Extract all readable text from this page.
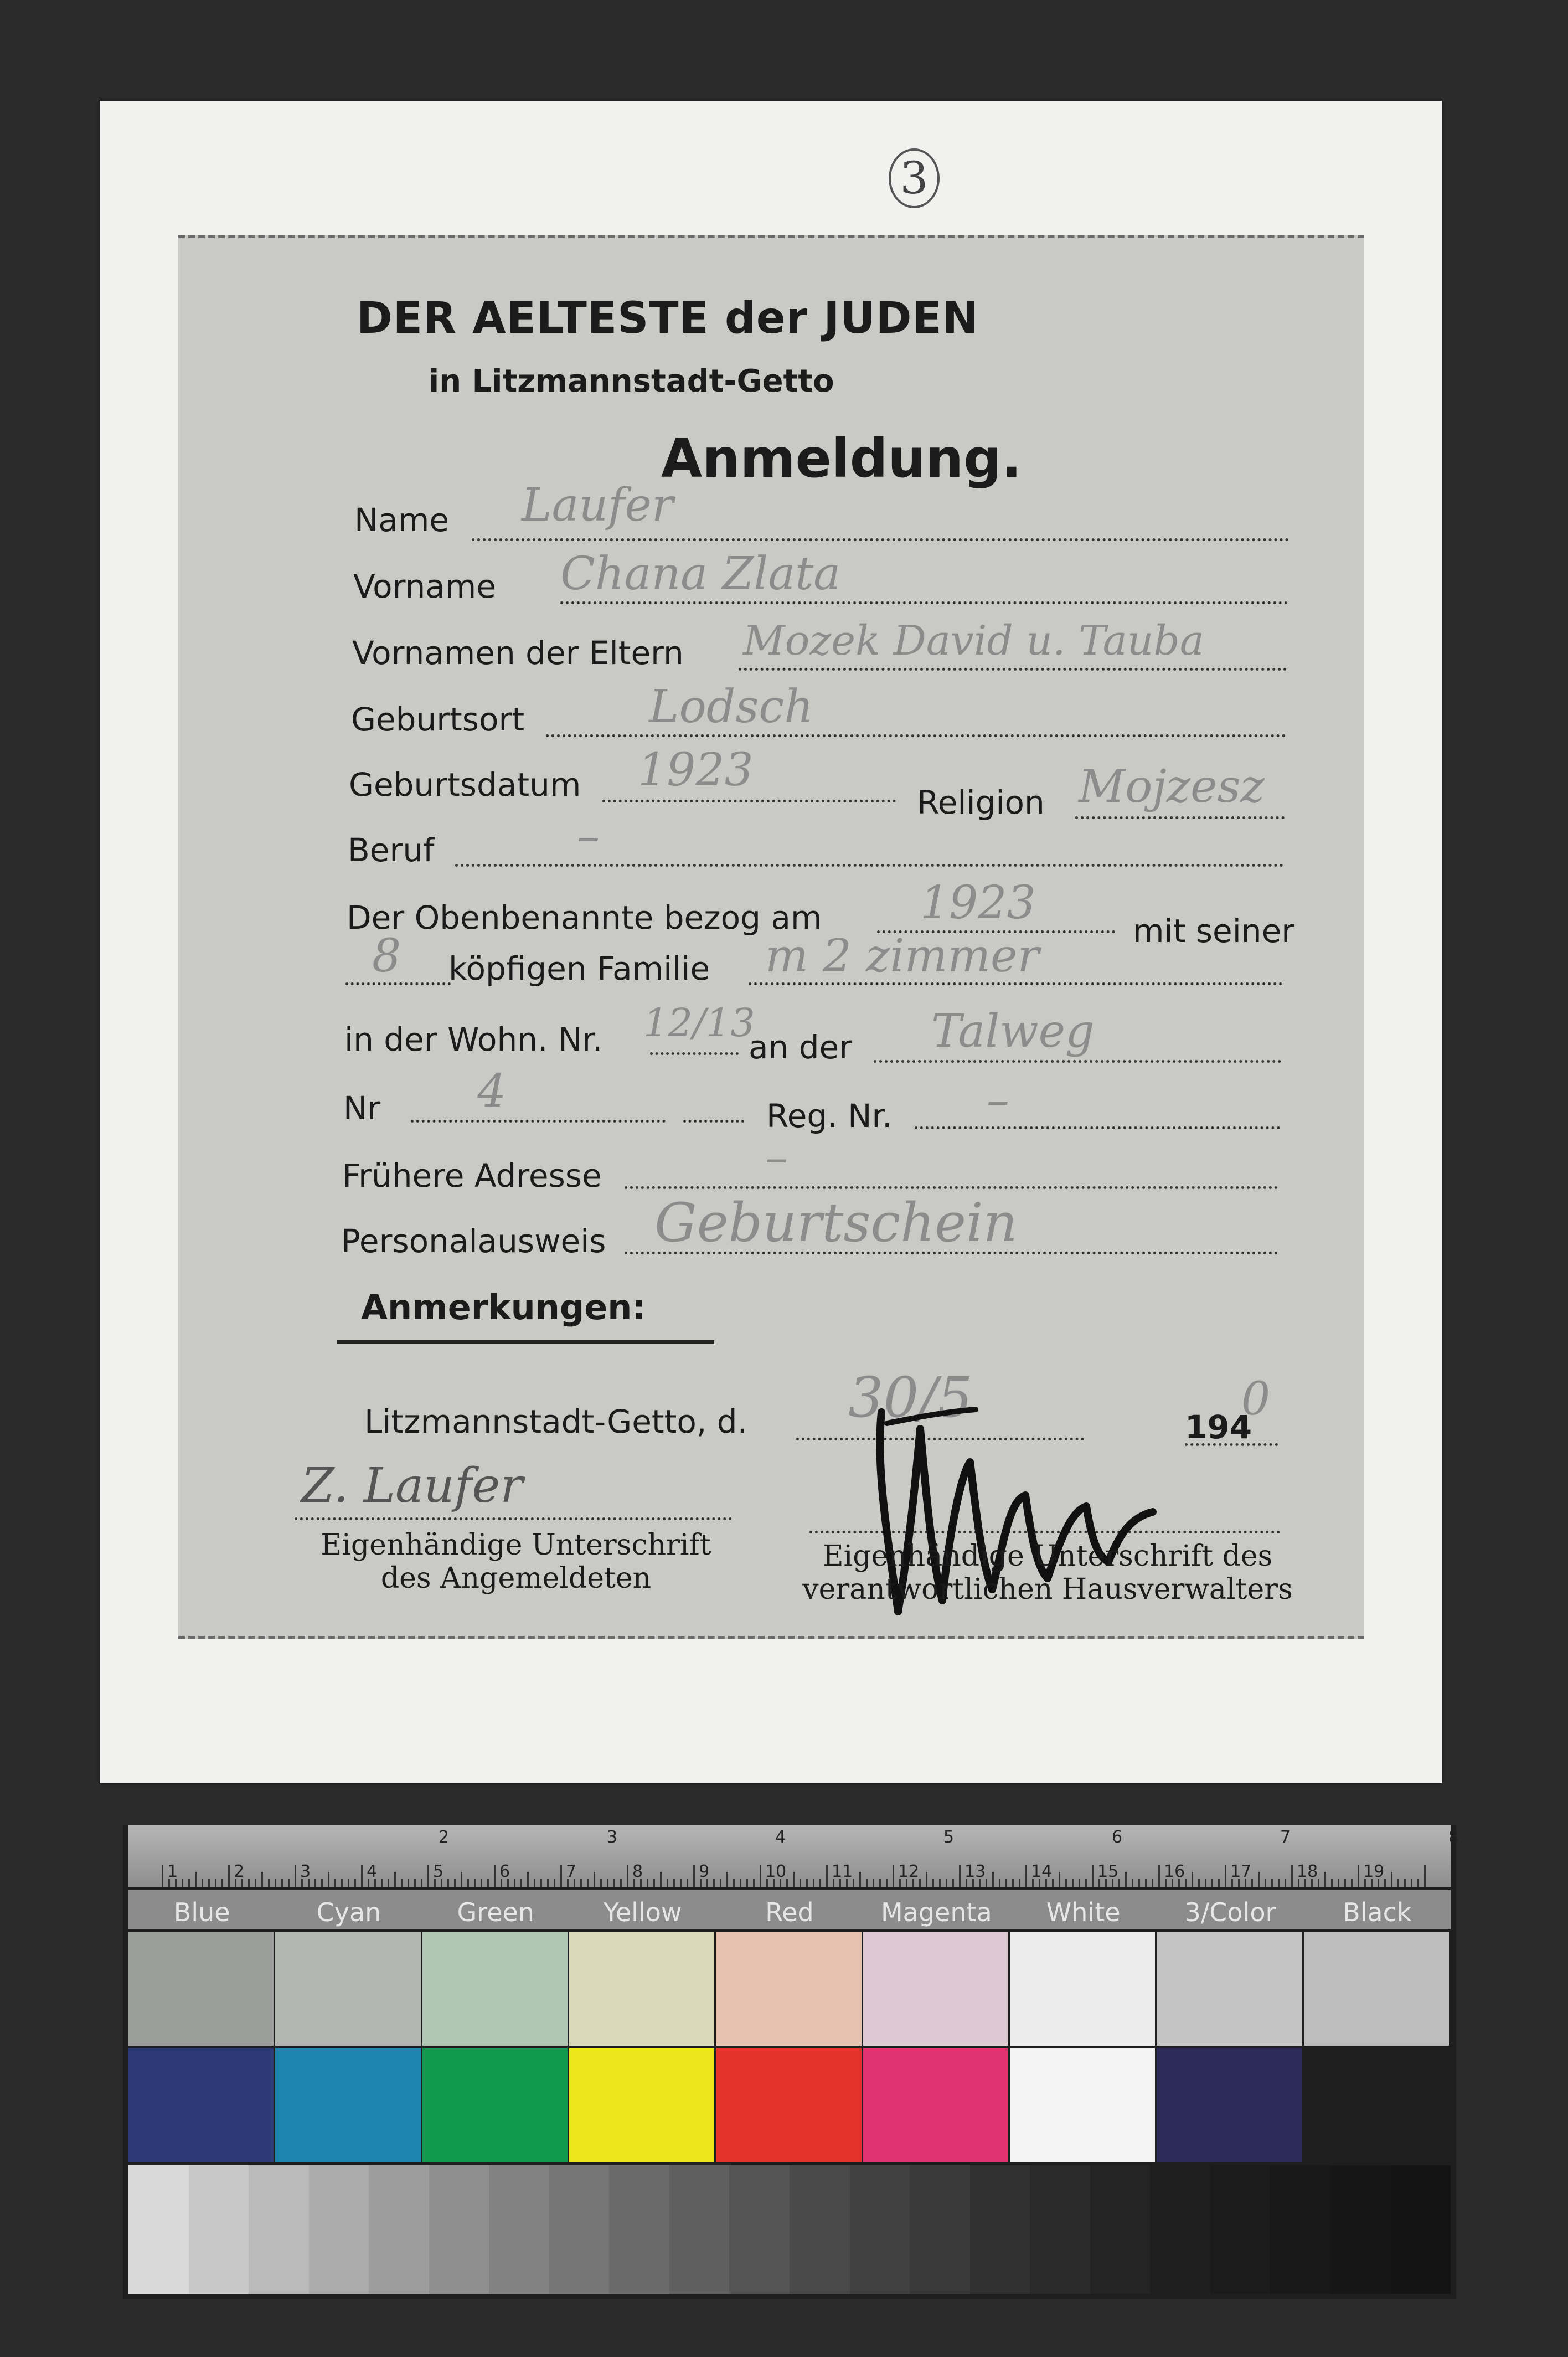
3
DER AELTESTE der JUDEN
in Litzmannstadt-Getto
Anmeldung.
Name Laufer
Vorname Chana Zlata
Vornamen der Eltern Mozek David u. Tauba
Geburtsort	Lodsch
Geburtsdatum 1923
Religion Mojzesz
Beruf	–
Der Obenbenannte bezog am 1923
mit seiner
8 köpfigen Familie m 2 zimmer
in der Wohn. Nr. 12/13
an der Talweg
Nr 4	Reg. Nr. –
Frühere Adresse	–
Personalausweis Geburtschein
Anmerkungen:
Litzmannstadt-Getto, d. 30/5	194
0
Z. Laufer
Eigenhändige Unterschrift
des Angemeldeten
Eigenhändige Unterschrift des
verantwortlichen Hausverwalters
1	2	3	4	5	6	7	8	9	10	11	12	13	14	15	16	17	18	19
2	3	4	5	6	7	8
Blue	Cyan	Green	Yellow	Red	Magenta	White	3/Color	Black
